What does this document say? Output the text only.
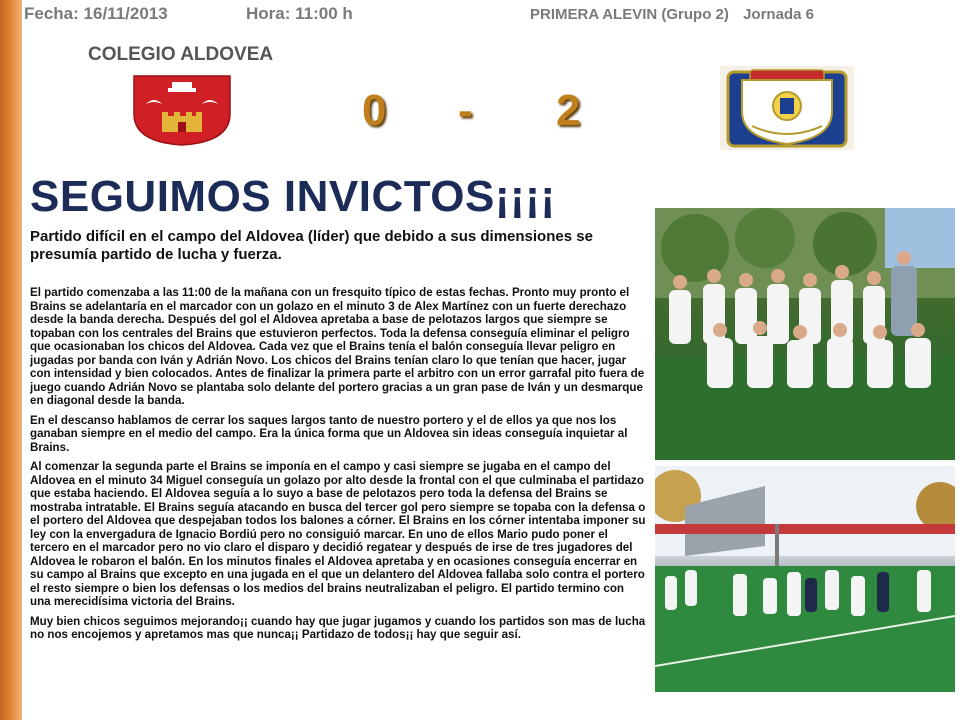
Fecha: 16/11/2013	Hora: 11:00 h	PRIMERA ALEVIN (Grupo 2) Jornada 6
COLEGIO ALDOVEA
0 - 2
SEGUIMOS INVICTOS¡¡¡¡
Partido difícil en el campo del Aldovea (líder) que debido a sus dimensiones se presumía partido de lucha y fuerza.

El partido comenzaba a las 11:00 de la mañana con un fresquito típico de estas fechas. Pronto muy pronto el Brains se adelantaría en el marcador con un golazo en el minuto 3 de Alex Martínez con un fuerte derechazo desde la banda derecha. Después del gol el Aldovea apretaba a base de pelotazos largos que siempre se topaban con los centrales del Brains que estuvieron perfectos. Toda la defensa conseguía eliminar el peligro que ocasionaban los chicos del Aldovea. Cada vez que el Brains tenía el balón conseguía llevar peligro en jugadas por banda con Iván y Adrián Novo. Los chicos del Brains tenían claro lo que tenían que hacer, jugar con intensidad y bien colocados. Antes de finalizar la primera parte el arbitro con un error garrafal pito fuera de juego cuando Adrián Novo se plantaba solo delante del portero gracias a un gran pase de Iván y un desmarque en diagonal desde la banda.

En el descanso hablamos de cerrar los saques largos tanto de nuestro portero y el de ellos ya que nos los ganaban siempre en el medio del campo. Era la única forma que un Aldovea sin ideas conseguía inquietar al Brains.

Al comenzar la segunda parte el Brains se imponía en el campo y casi siempre se jugaba en el campo del Aldovea en el minuto 34 Miguel conseguía un golazo por alto desde la frontal con el que culminaba el partidazo que estaba haciendo. El Aldovea seguía a lo suyo a base de pelotazos pero toda la defensa del Brains se mostraba intratable. El Brains seguía atacando en busca del tercer gol pero siempre se topaba con la defensa o el portero del Aldovea que despejaban todos los balones a córner. El Brains en los córner intentaba imponer su ley con la envergadura de Ignacio Bordiú pero no consiguió marcar. En uno de ellos Mario pudo poner el tercero en el marcador pero no vio claro el disparo y decidió regatear y después de irse de tres jugadores del Aldovea le robaron el balón. En los minutos finales el Aldovea apretaba y en ocasiones conseguía encerrar en su campo al Brains que excepto en una jugada en el que un delantero del Aldovea fallaba solo contra el portero el resto siempre o bien los defensas o los medios del brains neutralizaban el peligro. El partido termino con una merecidísima victoria del Brains.

Muy bien chicos seguimos mejorando¡¡ cuando hay que jugar jugamos y cuando los partidos son mas de lucha no nos encojemos y apretamos mas que nunca¡¡ Partidazo de todos¡¡ hay que seguir así.
